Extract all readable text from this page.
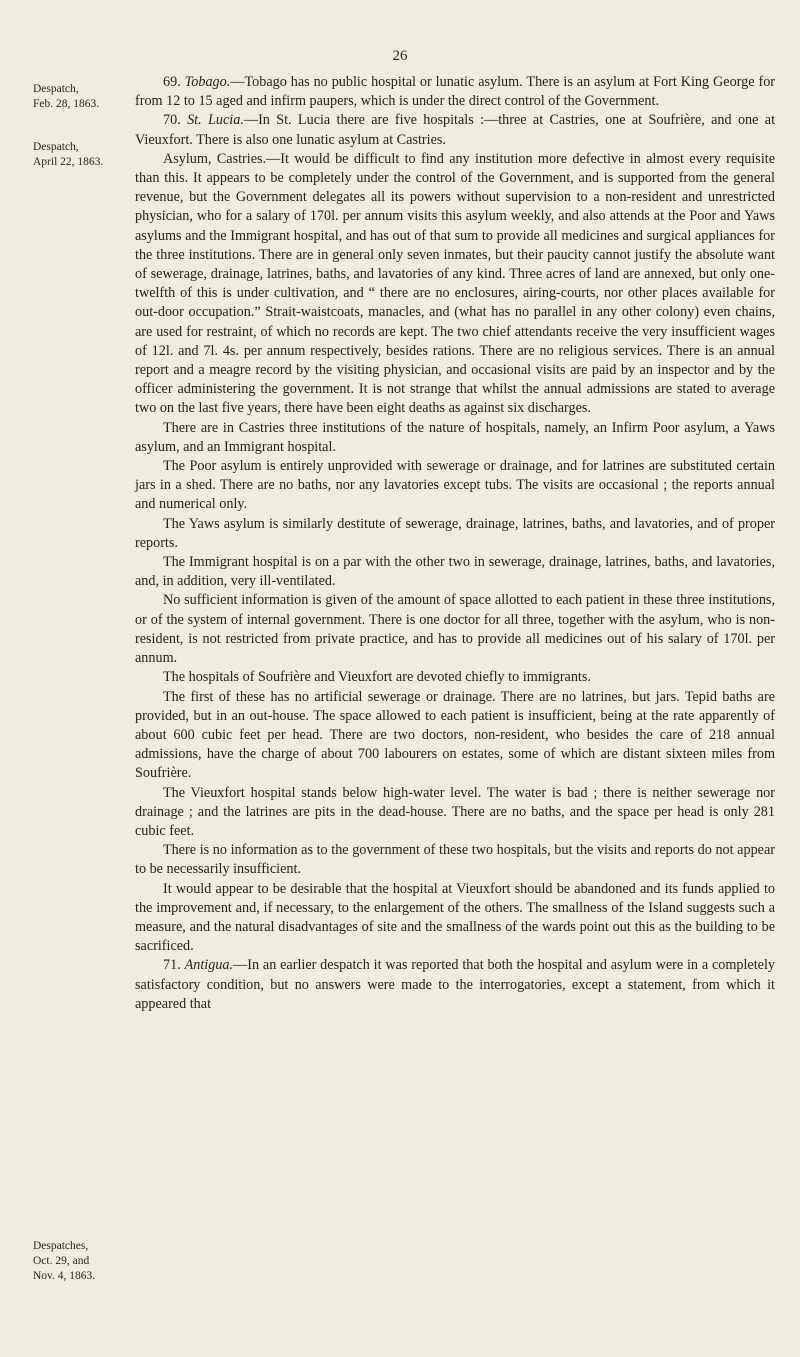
26
Despatch,
Feb. 28, 1863.
Despatch,
April 22, 1863.
Despatches,
Oct. 29, and
Nov. 4, 1863.

69. Tobago.—Tobago has no public hospital or lunatic asylum. There is an asylum at Fort King George for from 12 to 15 aged and infirm paupers, which is under the direct control of the Government.

70. St. Lucia.—In St. Lucia there are five hospitals :—three at Castries, one at Soufrière, and one at Vieuxfort. There is also one lunatic asylum at Castries.

Asylum, Castries.—It would be difficult to find any institution more defective in almost every requisite than this. It appears to be completely under the control of the Government, and is supported from the general revenue, but the Government delegates all its powers without supervision to a non-resident and unrestricted physician, who for a salary of 170l. per annum visits this asylum weekly, and also attends at the Poor and Yaws asylums and the Immigrant hospital, and has out of that sum to provide all medicines and surgical appliances for the three institutions. There are in general only seven inmates, but their paucity cannot justify the absolute want of sewerage, drainage, latrines, baths, and lavatories of any kind. Three acres of land are annexed, but only one-twelfth of this is under cultivation, and “ there are no enclosures, airing-courts, nor other places available for out-door occupation.” Strait-waistcoats, manacles, and (what has no parallel in any other colony) even chains, are used for restraint, of which no records are kept. The two chief attendants receive the very insufficient wages of 12l. and 7l. 4s. per annum respectively, besides rations. There are no religious services. There is an annual report and a meagre record by the visiting physician, and occasional visits are paid by an inspector and by the officer administering the government. It is not strange that whilst the annual admissions are stated to average two on the last five years, there have been eight deaths as against six discharges.

There are in Castries three institutions of the nature of hospitals, namely, an Infirm Poor asylum, a Yaws asylum, and an Immigrant hospital.

The Poor asylum is entirely unprovided with sewerage or drainage, and for latrines are substituted certain jars in a shed. There are no baths, nor any lavatories except tubs. The visits are occasional ; the reports annual and numerical only.

The Yaws asylum is similarly destitute of sewerage, drainage, latrines, baths, and lavatories, and of proper reports.

The Immigrant hospital is on a par with the other two in sewerage, drainage, latrines, baths, and lavatories, and, in addition, very ill-ventilated.

No sufficient information is given of the amount of space allotted to each patient in these three institutions, or of the system of internal government. There is one doctor for all three, together with the asylum, who is non-resident, is not restricted from private practice, and has to provide all medicines out of his salary of 170l. per annum.

The hospitals of Soufrière and Vieuxfort are devoted chiefly to immigrants.

The first of these has no artificial sewerage or drainage. There are no latrines, but jars. Tepid baths are provided, but in an out-house. The space allowed to each patient is insufficient, being at the rate apparently of about 600 cubic feet per head. There are two doctors, non-resident, who besides the care of 218 annual admissions, have the charge of about 700 labourers on estates, some of which are distant sixteen miles from Soufrière.

The Vieuxfort hospital stands below high-water level. The water is bad ; there is neither sewerage nor drainage ; and the latrines are pits in the dead-house. There are no baths, and the space per head is only 281 cubic feet.

There is no information as to the government of these two hospitals, but the visits and reports do not appear to be necessarily insufficient.

It would appear to be desirable that the hospital at Vieuxfort should be abandoned and its funds applied to the improvement and, if necessary, to the enlargement of the others. The smallness of the Island suggests such a measure, and the natural disadvantages of site and the smallness of the wards point out this as the building to be sacrificed.

71. Antigua.—In an earlier despatch it was reported that both the hospital and asylum were in a completely satisfactory condition, but no answers were made to the interrogatories, except a statement, from which it appeared that
